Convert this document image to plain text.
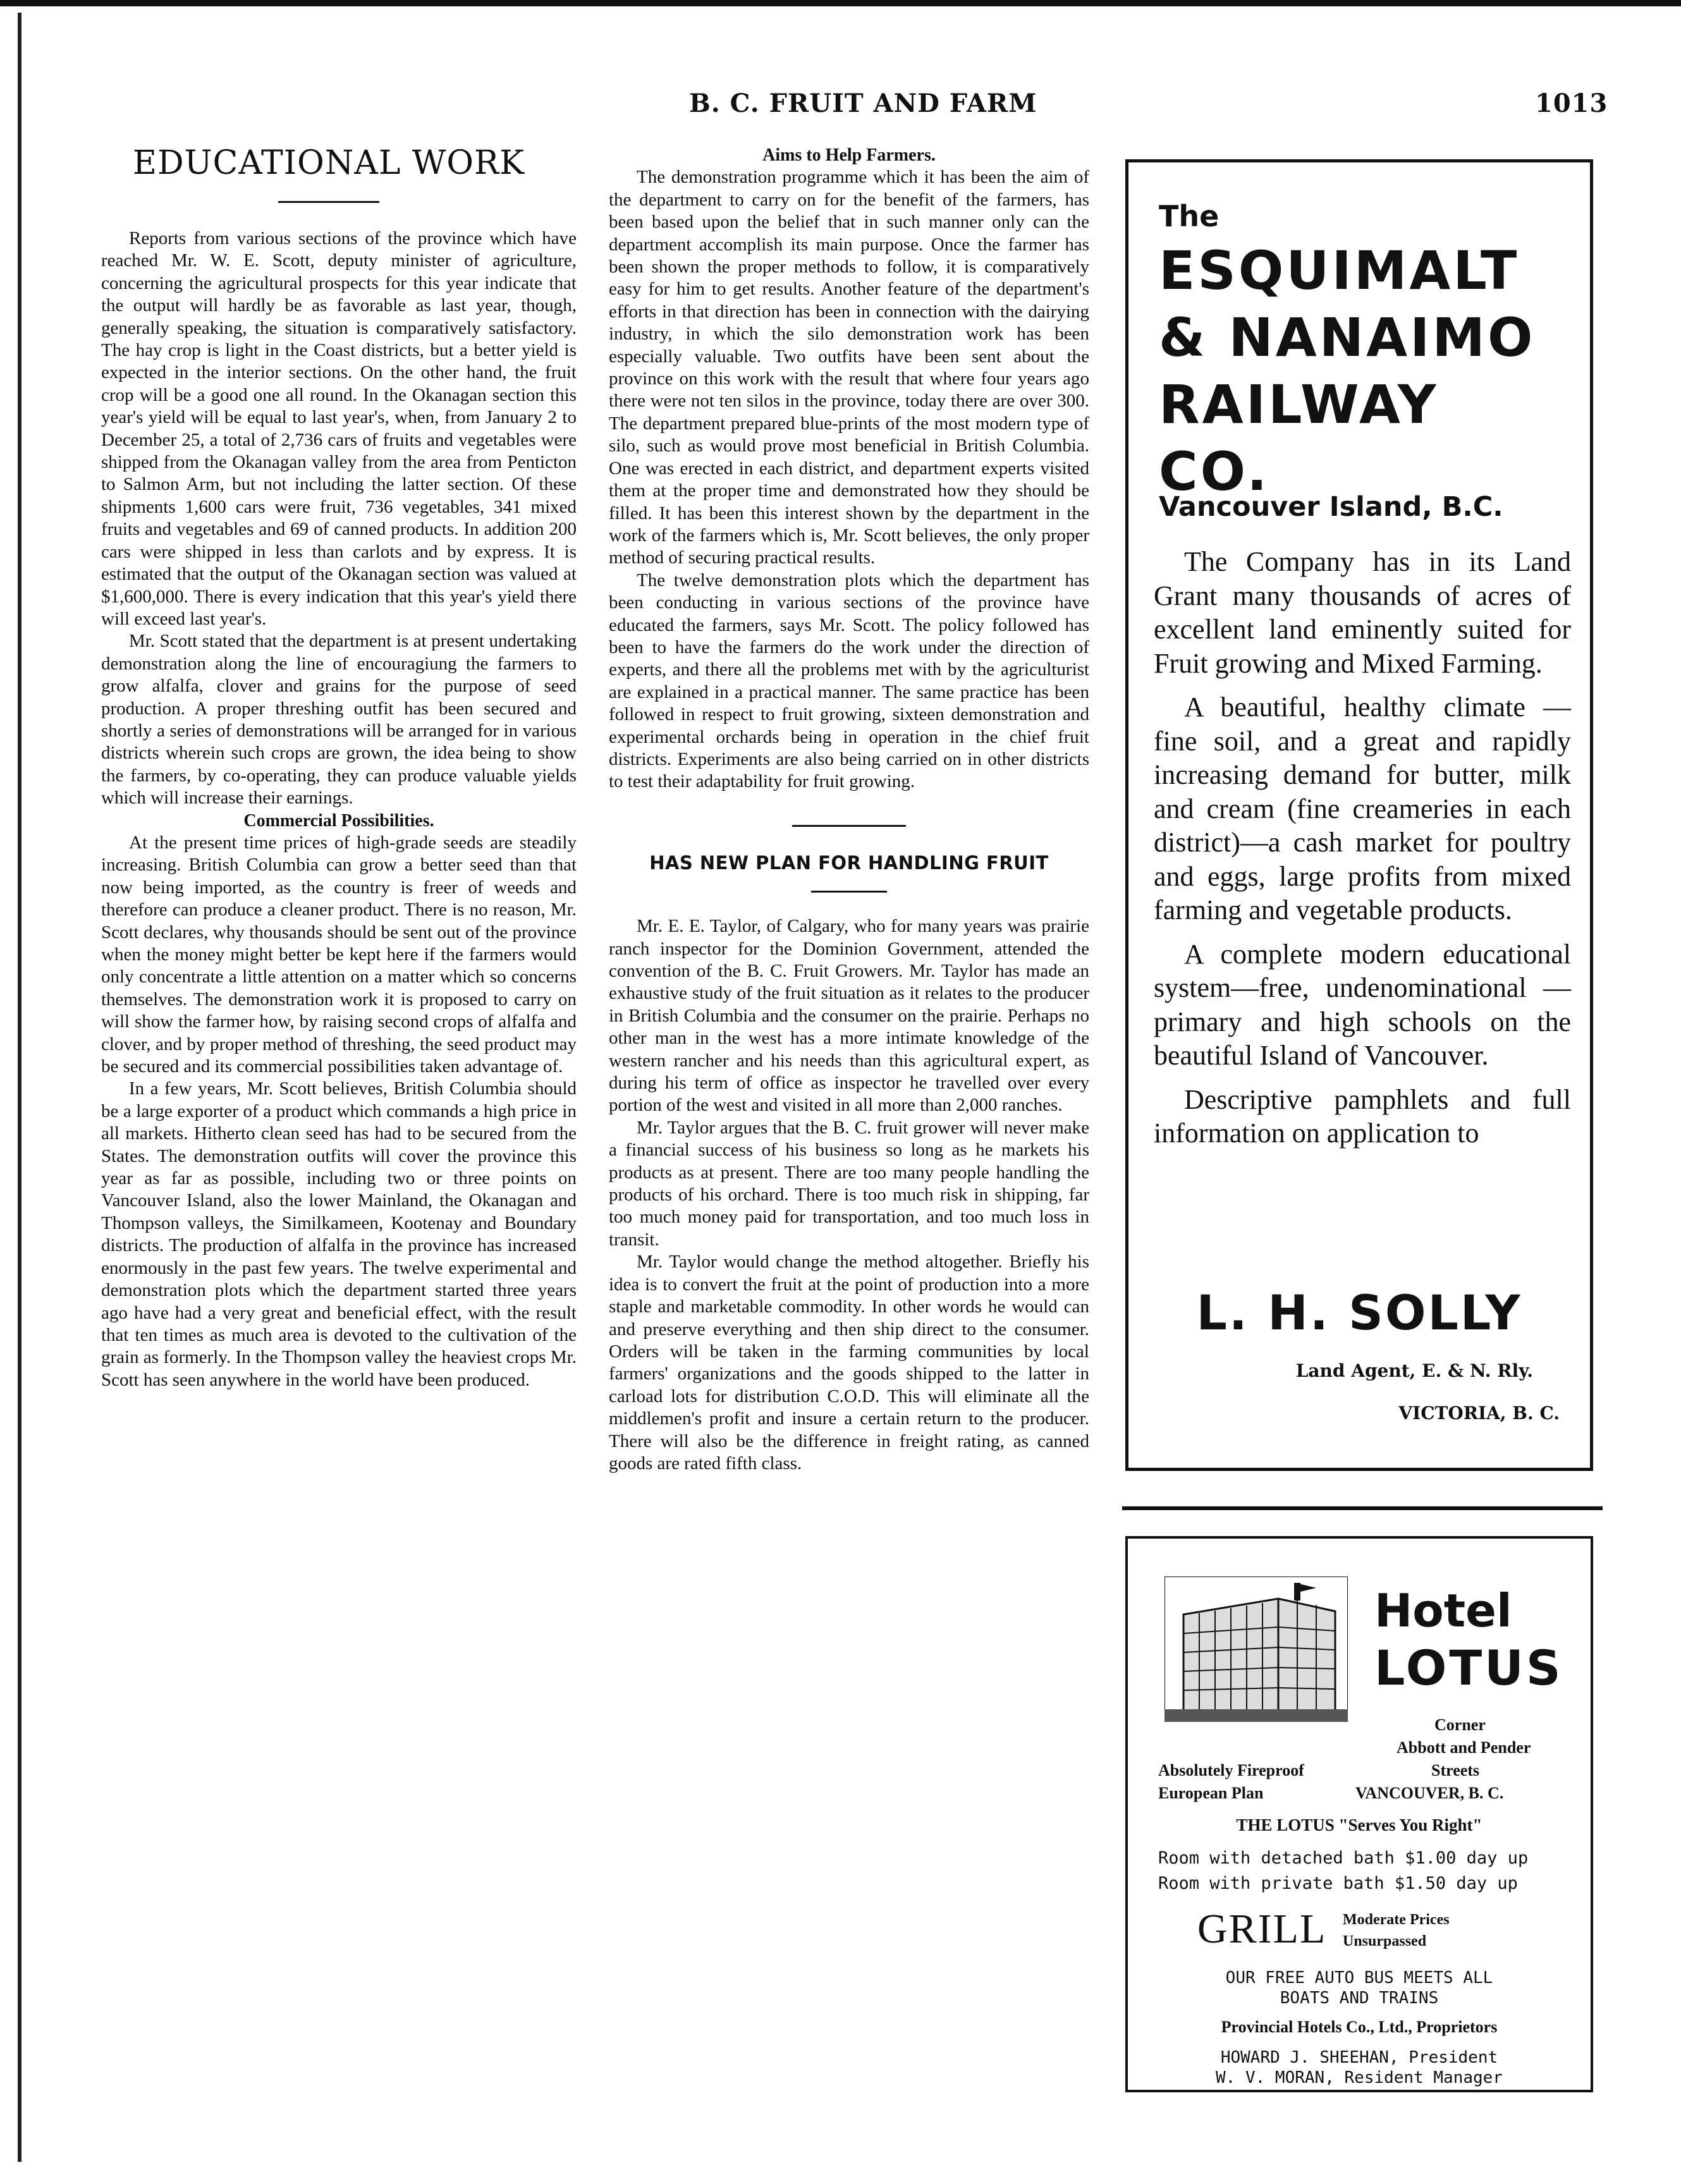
B. C. FRUIT AND FARM	1013
EDUCATIONAL WORK

Reports from various sections of the province which have reached Mr. W. E. Scott, deputy minister of agriculture, concerning the agricultural prospects for this year indicate that the output will hardly be as favorable as last year, though, generally speaking, the situation is comparatively satisfactory. The hay crop is light in the Coast districts, but a better yield is expected in the interior sections. On the other hand, the fruit crop will be a good one all round. In the Okanagan section this year's yield will be equal to last year's, when, from January 2 to December 25, a total of 2,736 cars of fruits and vegetables were shipped from the Okanagan valley from the area from Penticton to Salmon Arm, but not including the latter section. Of these shipments 1,600 cars were fruit, 736 vegetables, 341 mixed fruits and vegetables and 69 of canned products. In addition 200 cars were shipped in less than carlots and by express. It is estimated that the output of the Okanagan section was valued at $1,600,000. There is every indication that this year's yield there will exceed last year's.

Mr. Scott stated that the department is at present undertaking demonstration along the line of encouragiung the farmers to grow alfalfa, clover and grains for the purpose of seed production. A proper threshing outfit has been secured and shortly a series of demonstrations will be arranged for in various districts wherein such crops are grown, the idea being to show the farmers, by co-operating, they can produce valuable yields which will increase their earnings.

Commercial Possibilities.

At the present time prices of high-grade seeds are steadily increasing. British Columbia can grow a better seed than that now being imported, as the country is freer of weeds and therefore can produce a cleaner product. There is no reason, Mr. Scott declares, why thousands should be sent out of the province when the money might better be kept here if the farmers would only concentrate a little attention on a matter which so concerns themselves. The demonstration work it is proposed to carry on will show the farmer how, by raising second crops of alfalfa and clover, and by proper method of threshing, the seed product may be secured and its commercial possibilities taken advantage of.

In a few years, Mr. Scott believes, British Columbia should be a large exporter of a product which commands a high price in all markets. Hitherto clean seed has had to be secured from the States. The demonstration outfits will cover the province this year as far as possible, including two or three points on Vancouver Island, also the lower Mainland, the Okanagan and Thompson valleys, the Similkameen, Kootenay and Boundary districts. The production of alfalfa in the province has increased enormously in the past few years. The twelve experimental and demonstration plots which the department started three years ago have had a very great and beneficial effect, with the result that ten times as much area is devoted to the cultivation of the grain as formerly. In the Thompson valley the heaviest crops Mr. Scott has seen anywhere in the world have been produced.

Aims to Help Farmers.

The demonstration programme which it has been the aim of the department to carry on for the benefit of the farmers, has been based upon the belief that in such manner only can the department accomplish its main purpose. Once the farmer has been shown the proper methods to follow, it is comparatively easy for him to get results. Another feature of the department's efforts in that direction has been in connection with the dairying industry, in which the silo demonstration work has been especially valuable. Two outfits have been sent about the province on this work with the result that where four years ago there were not ten silos in the province, today there are over 300. The department prepared blue-prints of the most modern type of silo, such as would prove most beneficial in British Columbia. One was erected in each district, and department experts visited them at the proper time and demonstrated how they should be filled. It has been this interest shown by the department in the work of the farmers which is, Mr. Scott believes, the only proper method of securing practical results.

The twelve demonstration plots which the department has been conducting in various sections of the province have educated the farmers, says Mr. Scott. The policy followed has been to have the farmers do the work under the direction of experts, and there all the problems met with by the agriculturist are explained in a practical manner. The same practice has been followed in respect to fruit growing, sixteen demonstration and experimental orchards being in operation in the chief fruit districts. Experiments are also being carried on in other districts to test their adaptability for fruit growing.

HAS NEW PLAN FOR HANDLING FRUIT

Mr. E. E. Taylor, of Calgary, who for many years was prairie ranch inspector for the Dominion Government, attended the convention of the B. C. Fruit Growers. Mr. Taylor has made an exhaustive study of the fruit situation as it relates to the producer in British Columbia and the consumer on the prairie. Perhaps no other man in the west has a more intimate knowledge of the western rancher and his needs than this agricultural expert, as during his term of office as inspector he travelled over every portion of the west and visited in all more than 2,000 ranches.

Mr. Taylor argues that the B. C. fruit grower will never make a financial success of his business so long as he markets his products as at present. There are too many people handling the products of his orchard. There is too much risk in shipping, far too much money paid for transportation, and too much loss in transit.

Mr. Taylor would change the method altogether. Briefly his idea is to convert the fruit at the point of production into a more staple and marketable commodity. In other words he would can and preserve everything and then ship direct to the consumer. Orders will be taken in the farming communities by local farmers' organizations and the goods shipped to the latter in carload lots for distribution C.O.D. This will eliminate all the middlemen's profit and insure a certain return to the producer. There will also be the difference in freight rating, as canned goods are rated fifth class.

The
ESQUIMALT
& NANAIMO
RAILWAY
CO.
Vancouver Island, B.C.

The Company has in its Land Grant many thousands of acres of excellent land eminently suited for Fruit growing and Mixed Farming.

A beautiful, healthy climate —fine soil, and a great and rapidly increasing demand for butter, milk and cream (fine creameries in each district)—a cash market for poultry and eggs, large profits from mixed farming and vegetable products.

A complete modern educational system—free, undenominational — primary and high schools on the beautiful Island of Vancouver.

Descriptive pamphlets and full information on application to

L. H. SOLLY
Land Agent, E. & N. Rly.
VICTORIA, B. C.
Hotel
LOTUS
Corner
Abbott and Pender
Absolutely Fireproof	Streets
European Plan	VANCOUVER, B. C.
THE LOTUS "Serves You Right"
Room with detached bath $1.00 day up
Room with private bath $1.50 day up
GRILL Moderate Prices
Unsurpassed
OUR FREE AUTO BUS MEETS ALL
BOATS AND TRAINS
Provincial Hotels Co., Ltd., Proprietors
HOWARD J. SHEEHAN, President
W. V. MORAN, Resident Manager
